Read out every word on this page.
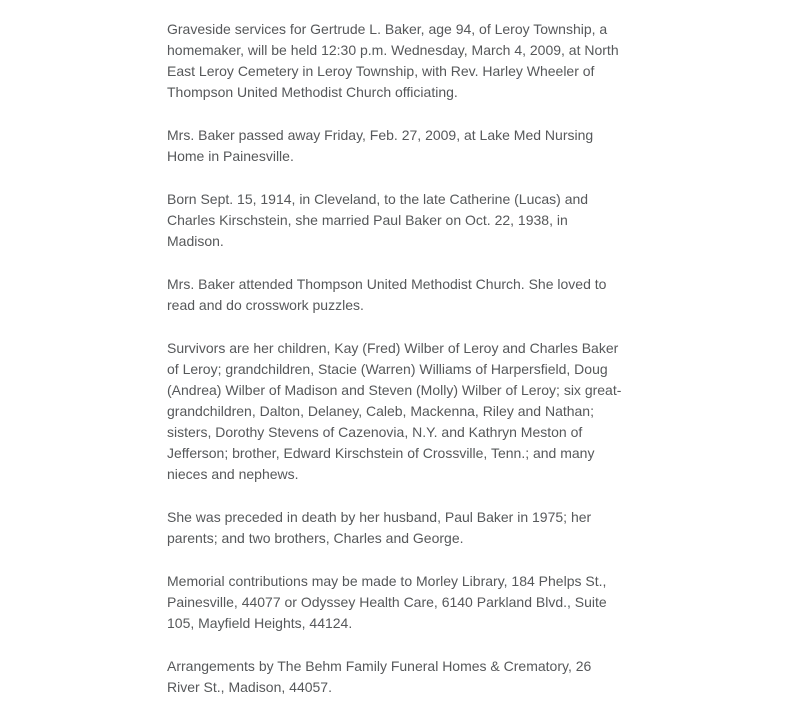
Graveside services for Gertrude L. Baker, age 94, of Leroy Township, a homemaker, will be held 12:30 p.m. Wednesday, March 4, 2009, at North East Leroy Cemetery in Leroy Township, with Rev. Harley Wheeler of Thompson United Methodist Church officiating.

Mrs. Baker passed away Friday, Feb. 27, 2009, at Lake Med Nursing Home in Painesville.

Born Sept. 15, 1914, in Cleveland, to the late Catherine (Lucas) and Charles Kirschstein, she married Paul Baker on Oct. 22, 1938, in Madison.

Mrs. Baker attended Thompson United Methodist Church. She loved to read and do crosswork puzzles.

Survivors are her children, Kay (Fred) Wilber of Leroy and Charles Baker of Leroy; grandchildren, Stacie (Warren) Williams of Harpersfield, Doug (Andrea) Wilber of Madison and Steven (Molly) Wilber of Leroy; six great-grandchildren, Dalton, Delaney, Caleb, Mackenna, Riley and Nathan; sisters, Dorothy Stevens of Cazenovia, N.Y. and Kathryn Meston of Jefferson; brother, Edward Kirschstein of Crossville, Tenn.; and many nieces and nephews.

She was preceded in death by her husband, Paul Baker in 1975; her parents; and two brothers, Charles and George.

Memorial contributions may be made to Morley Library, 184 Phelps St., Painesville, 44077 or Odyssey Health Care, 6140 Parkland Blvd., Suite 105, Mayfield Heights, 44124.

Arrangements by The Behm Family Funeral Homes & Crematory, 26 River St., Madison, 44057.
